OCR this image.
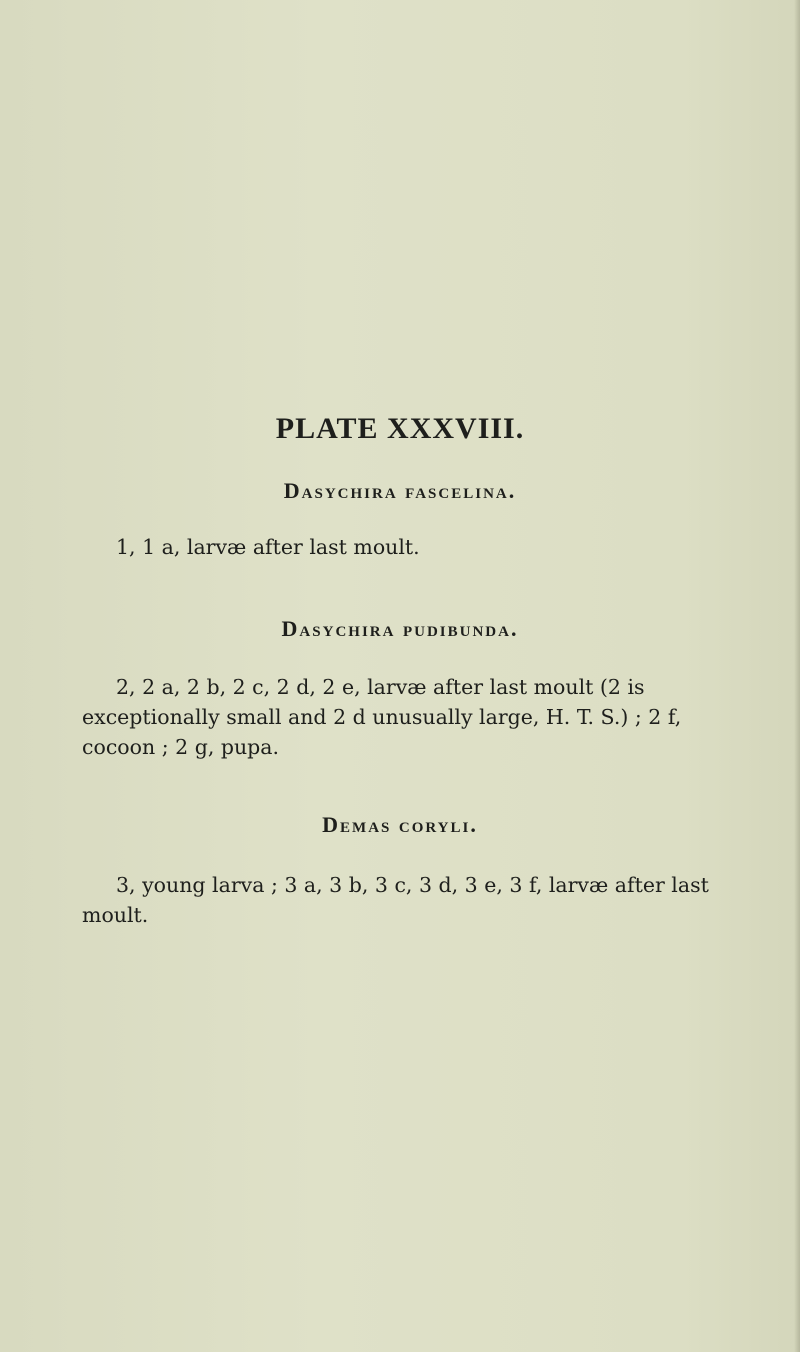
PLATE XXXVIII.
Dasychira fascelina.

1, 1 a, larvæ after last moult.

Dasychira pudibunda.

2, 2 a, 2 b, 2 c, 2 d, 2 e, larvæ after last moult (2 is exceptionally small and 2 d unusually large, H. T. S.) ; 2 f, cocoon ; 2 g, pupa.

Demas coryli.

3, young larva ; 3 a, 3 b, 3 c, 3 d, 3 e, 3 f, larvæ after last moult.
